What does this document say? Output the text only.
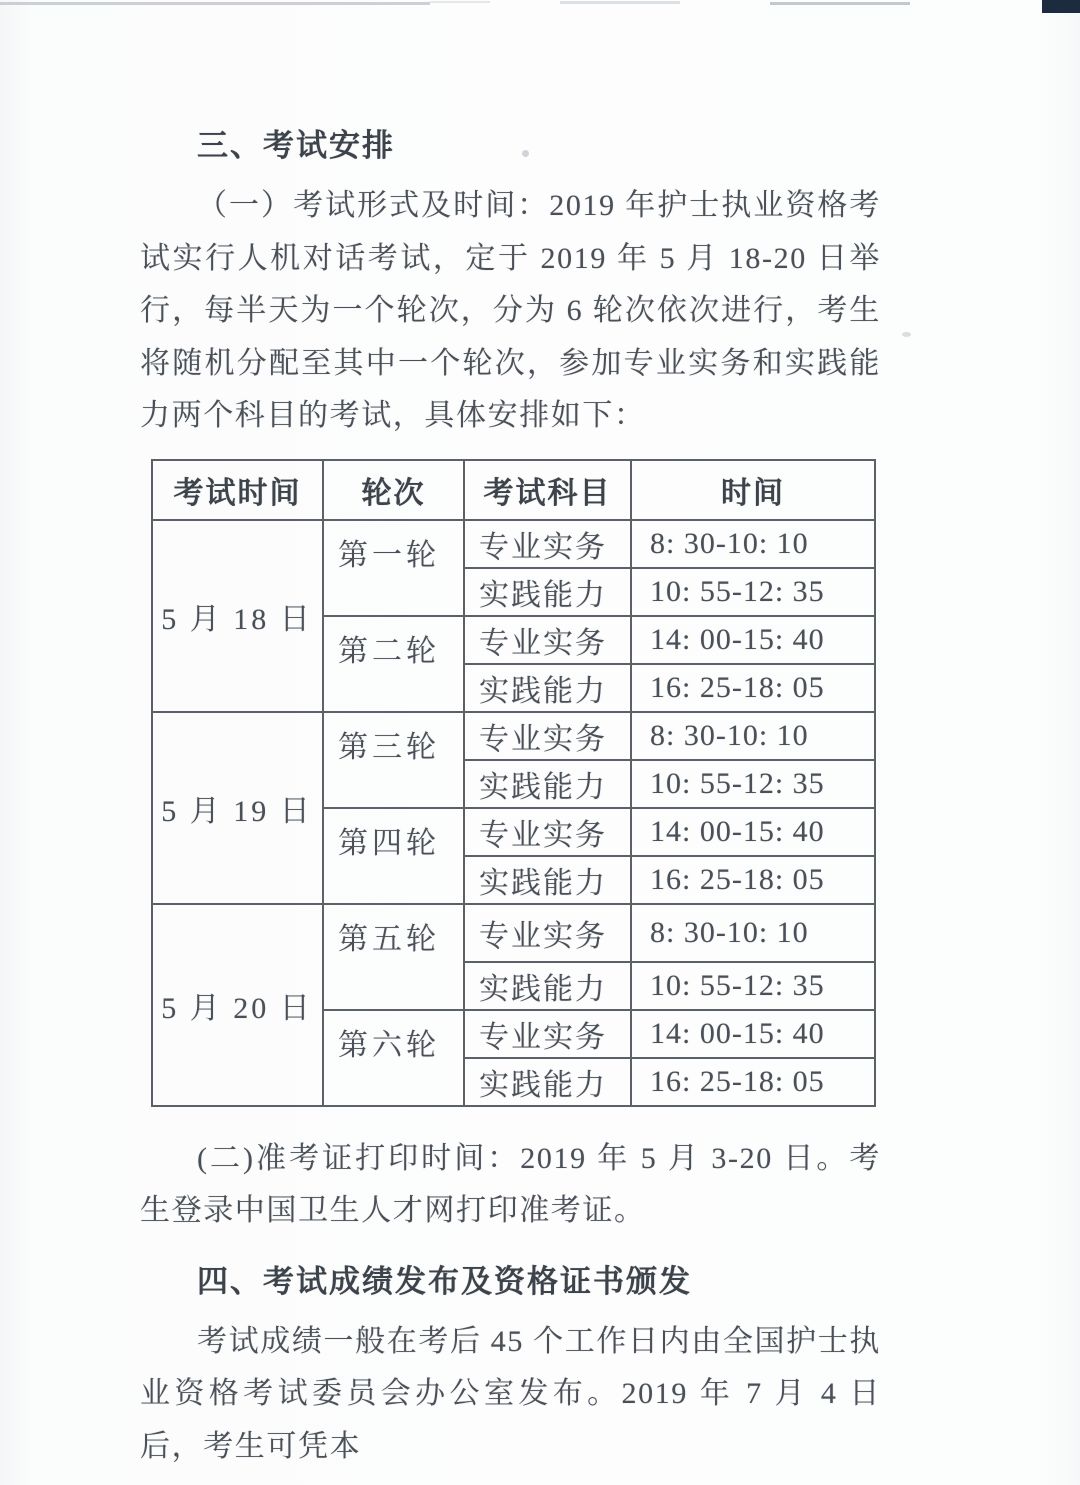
三、考试安排
（一）考试形式及时间：2019 年护士执业资格考试实行人机对话考试，定于 2019 年 5 月 18-20 日举行，每半天为一个轮次，分为 6 轮次依次进行，考生将随机分配至其中一个轮次，参加专业实务和实践能力两个科目的考试，具体安排如下：
考试时间	轮次	考试科目	时间
5 月 18 日	第一轮	专业实务	8: 30-10: 10
		实践能力	10: 55-12: 35
	第二轮	专业实务	14: 00-15: 40
		实践能力	16: 25-18: 05
5 月 19 日	第三轮	专业实务	8: 30-10: 10
		实践能力	10: 55-12: 35
	第四轮	专业实务	14: 00-15: 40
		实践能力	16: 25-18: 05
5 月 20 日	第五轮	专业实务	8: 30-10: 10
		实践能力	10: 55-12: 35
	第六轮	专业实务	14: 00-15: 40
		实践能力	16: 25-18: 05
(二)准考证打印时间：2019 年 5 月 3-20 日。考生登录中国卫生人才网打印准考证。
四、考试成绩发布及资格证书颁发
考试成绩一般在考后 45 个工作日内由全国护士执业资格考试委员会办公室发布。2019 年 7 月 4 日后，考生可凭本
